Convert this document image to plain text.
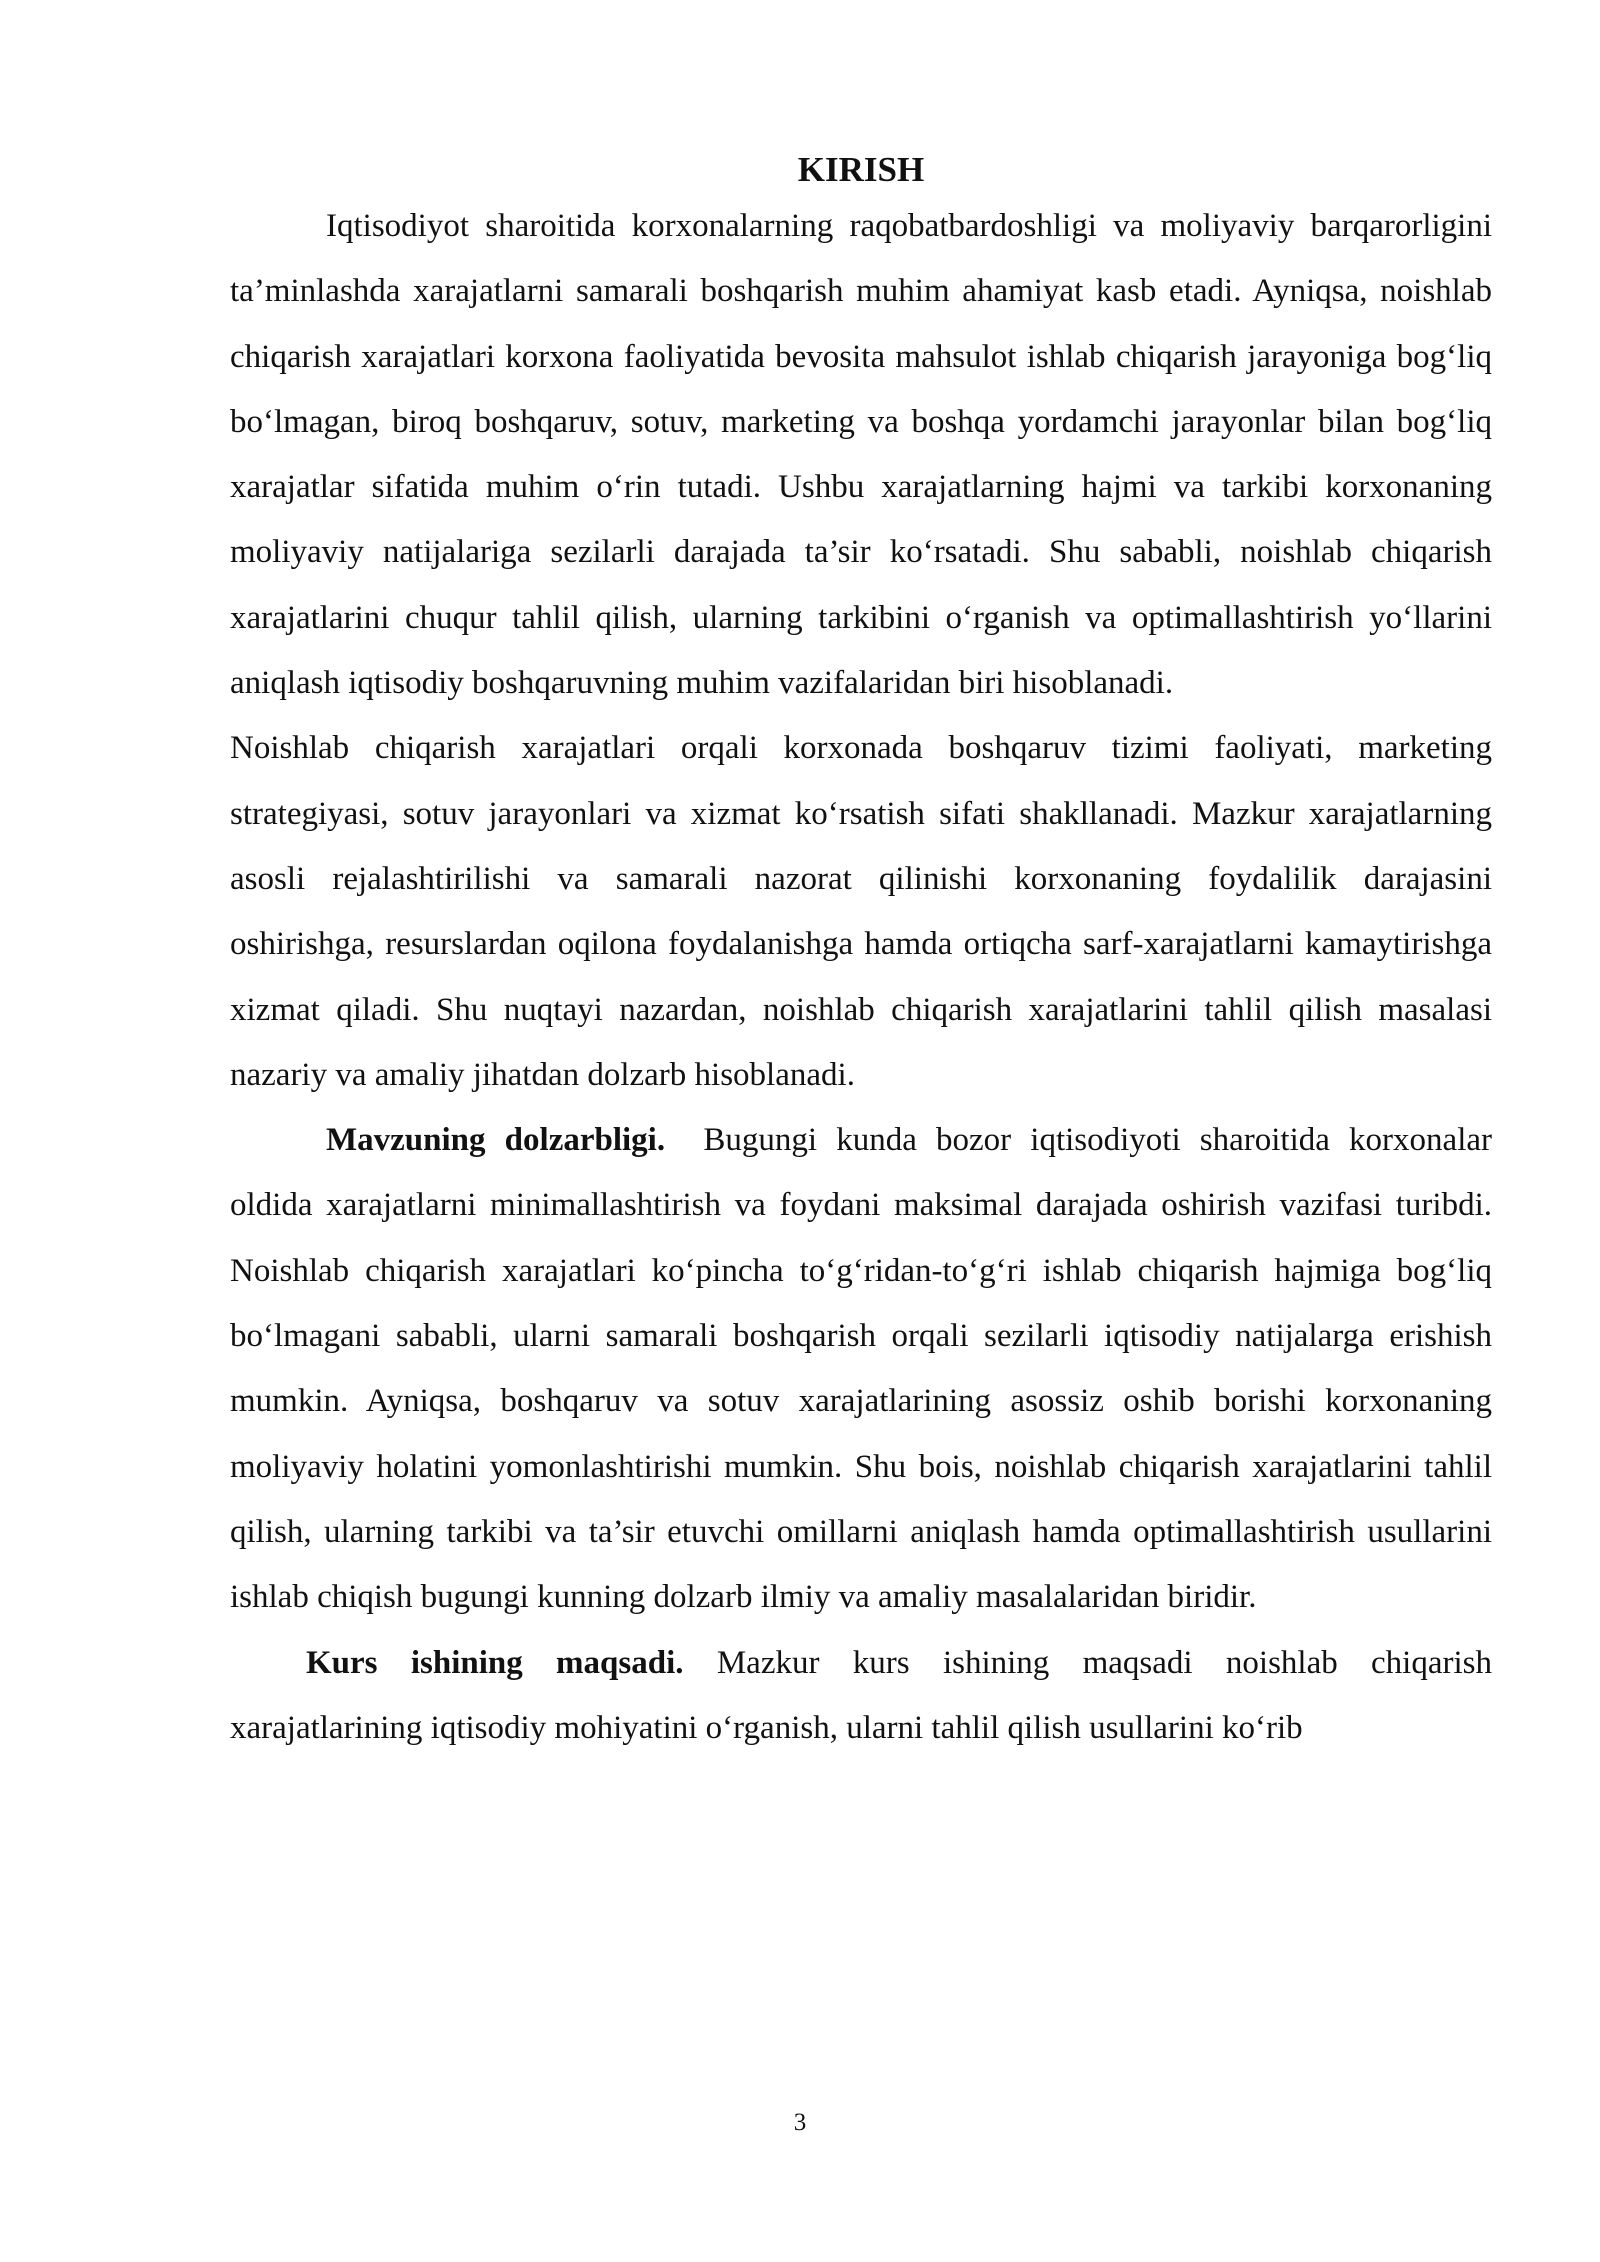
KIRISH

Iqtisodiyot sharoitida korxonalarning raqobatbardoshligi va moliyaviy barqarorligini ta’minlashda xarajatlarni samarali boshqarish muhim ahamiyat kasb etadi. Ayniqsa, noishlab chiqarish xarajatlari korxona faoliyatida bevosita mahsulot ishlab chiqarish jarayoniga bog‘liq bo‘lmagan, biroq boshqaruv, sotuv, marketing va boshqa yordamchi jarayonlar bilan bog‘liq xarajatlar sifatida muhim o‘rin tutadi. Ushbu xarajatlarning hajmi va tarkibi korxonaning moliyaviy natijalariga sezilarli darajada ta’sir ko‘rsatadi. Shu sababli, noishlab chiqarish xarajatlarini chuqur tahlil qilish, ularning tarkibini o‘rganish va optimallashtirish yo‘llarini aniqlash iqtisodiy boshqaruvning muhim vazifalaridan biri hisoblanadi.

Noishlab chiqarish xarajatlari orqali korxonada boshqaruv tizimi faoliyati, marketing strategiyasi, sotuv jarayonlari va xizmat ko‘rsatish sifati shakllanadi. Mazkur xarajatlarning asosli rejalashtirilishi va samarali nazorat qilinishi korxonaning foydalilik darajasini oshirishga, resurslardan oqilona foydalanishga hamda ortiqcha sarf-xarajatlarni kamaytirishga xizmat qiladi. Shu nuqtayi nazardan, noishlab chiqarish xarajatlarini tahlil qilish masalasi nazariy va amaliy jihatdan dolzarb hisoblanadi.

Mavzuning dolzarbligi. Bugungi kunda bozor iqtisodiyoti sharoitida korxonalar oldida xarajatlarni minimallashtirish va foydani maksimal darajada oshirish vazifasi turibdi. Noishlab chiqarish xarajatlari ko‘pincha to‘g‘ridan-to‘g‘ri ishlab chiqarish hajmiga bog‘liq bo‘lmagani sababli, ularni samarali boshqarish orqali sezilarli iqtisodiy natijalarga erishish mumkin. Ayniqsa, boshqaruv va sotuv xarajatlarining asossiz oshib borishi korxonaning moliyaviy holatini yomonlashtirishi mumkin. Shu bois, noishlab chiqarish xarajatlarini tahlil qilish, ularning tarkibi va ta’sir etuvchi omillarni aniqlash hamda optimallashtirish usullarini ishlab chiqish bugungi kunning dolzarb ilmiy va amaliy masalalaridan biridir.

Kurs ishining maqsadi. Mazkur kurs ishining maqsadi noishlab chiqarish xarajatlarining iqtisodiy mohiyatini o‘rganish, ularni tahlil qilish usullarini ko‘rib

3
